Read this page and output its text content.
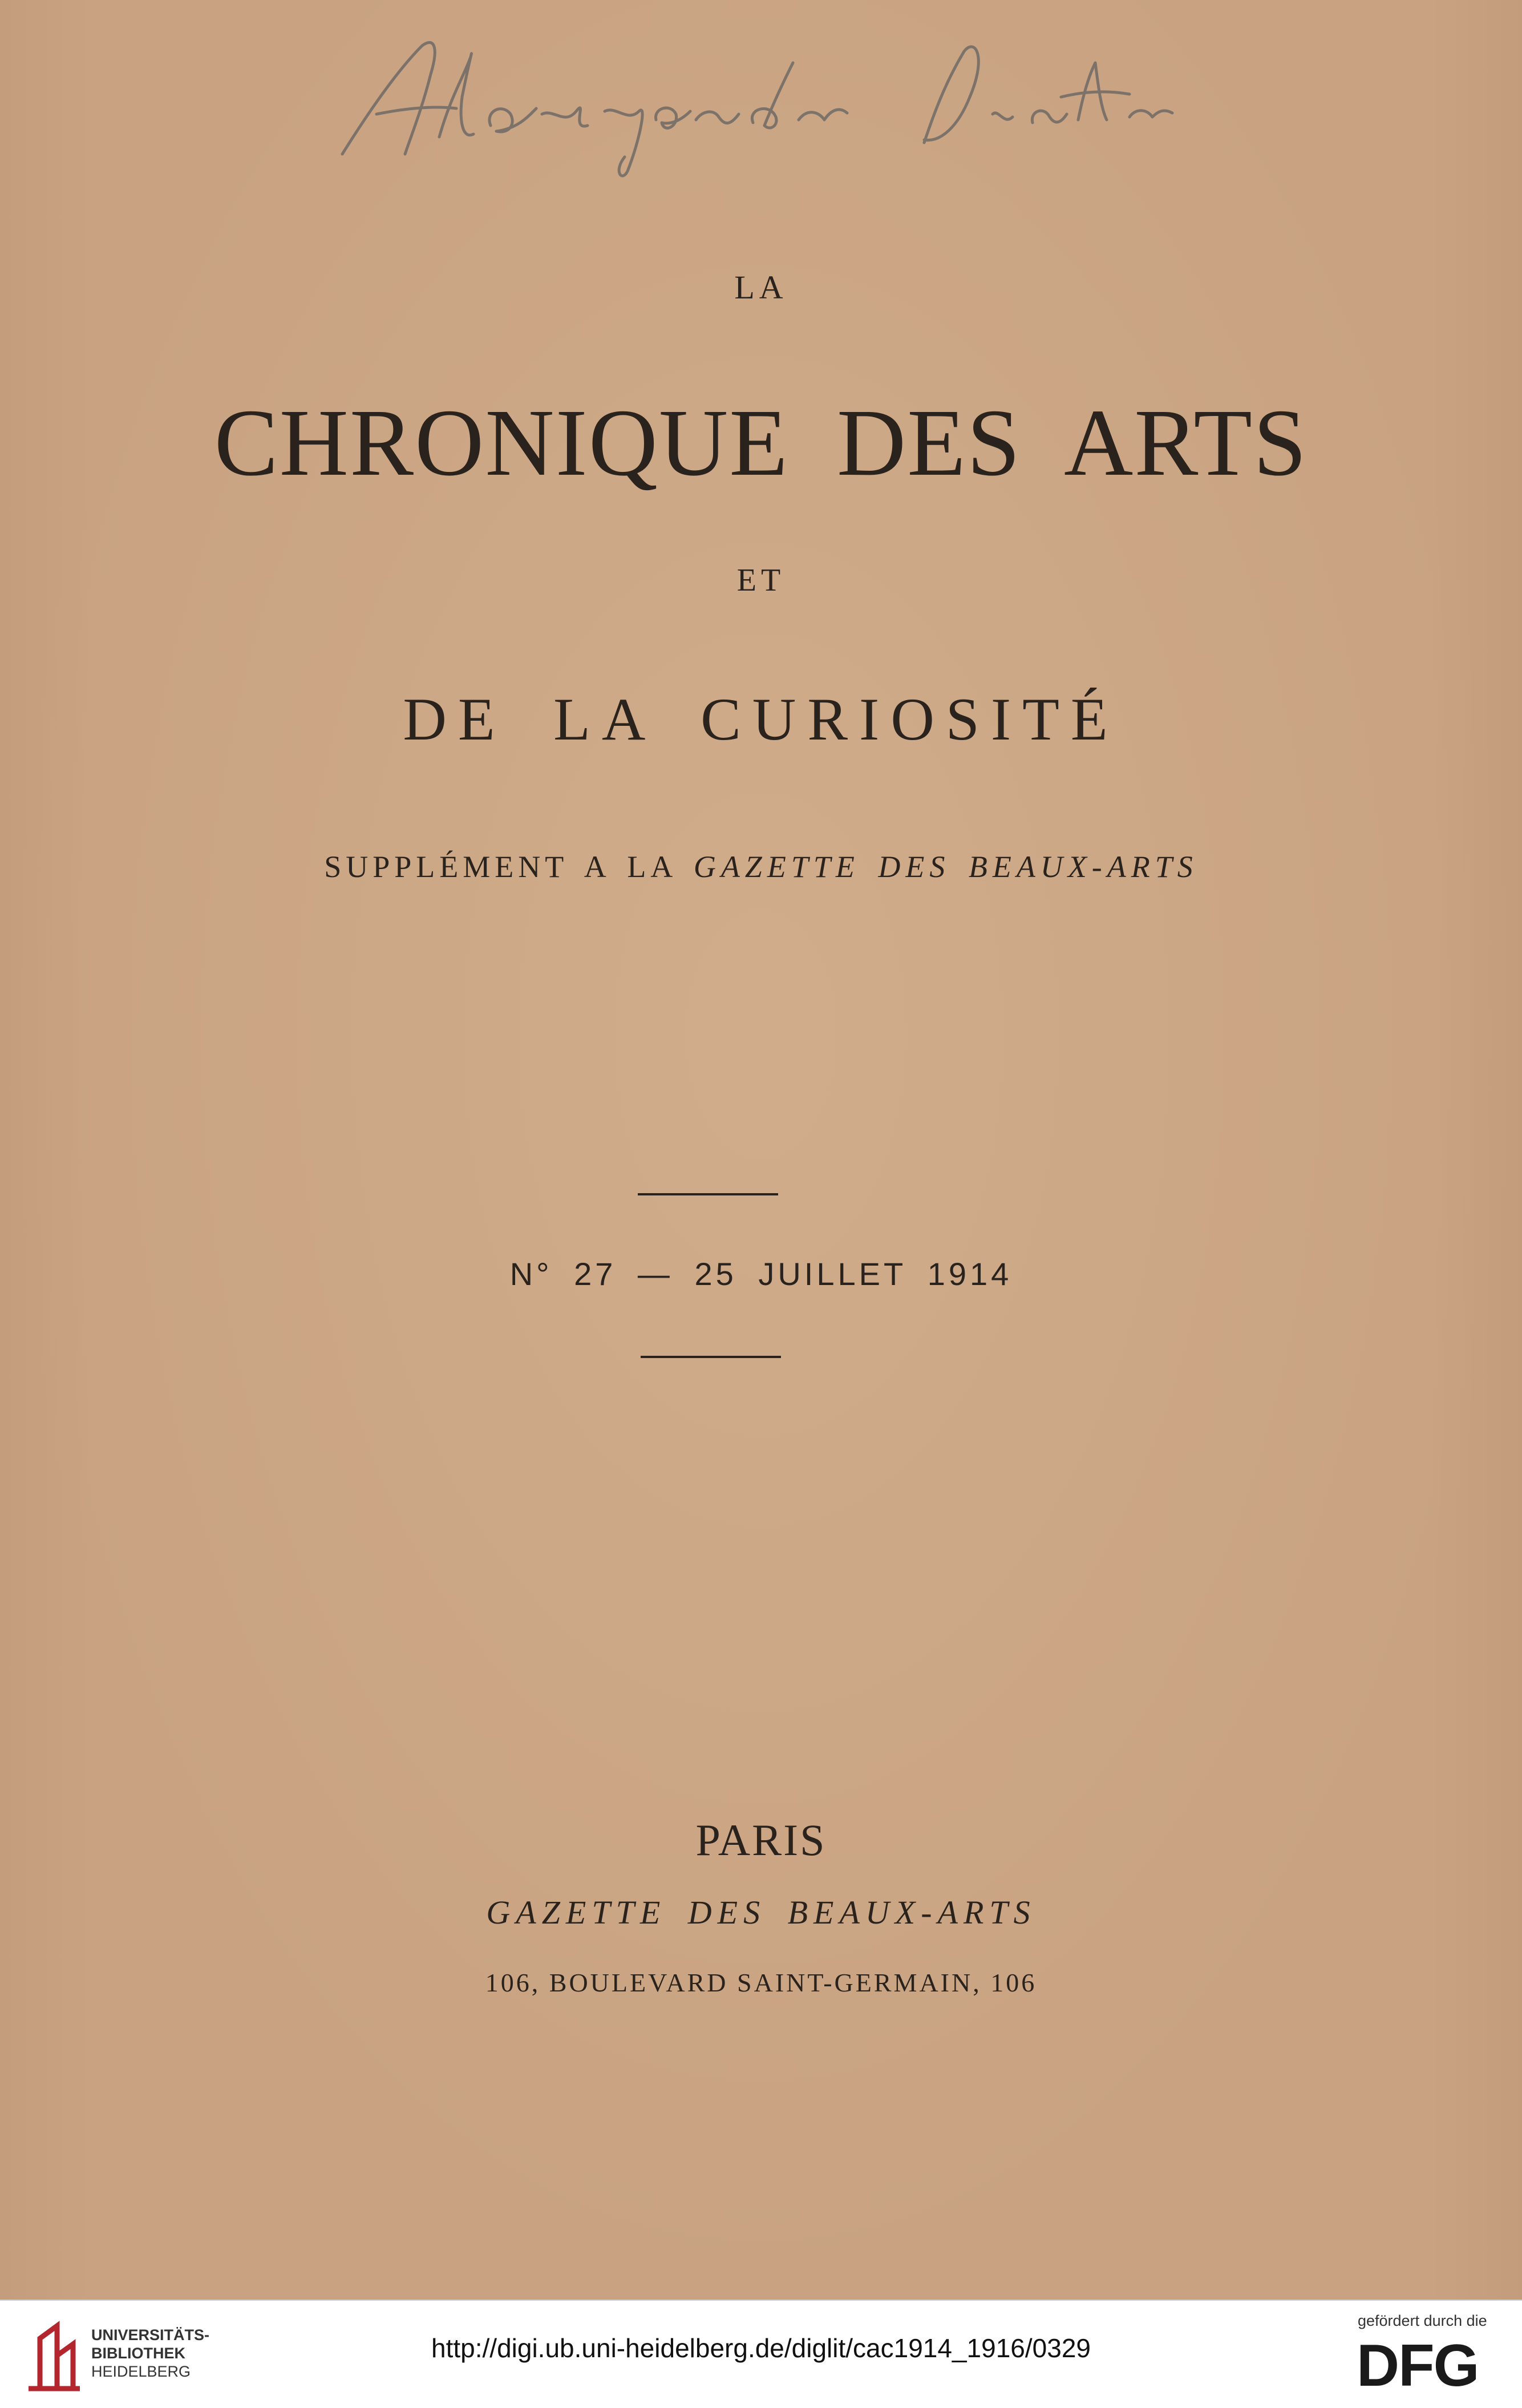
LA
CHRONIQUE DES ARTS
ET
DE LA CURIOSITÉ
SUPPLÉMENT A LA GAZETTE DES BEAUX-ARTS
N° 27 — 25 JUILLET 1914
PARIS
GAZETTE DES BEAUX-ARTS
106, BOULEVARD SAINT-GERMAIN, 106
UNIVERSITÄTS-
BIBLIOTHEK
HEIDELBERG
http://digi.ub.uni-heidelberg.de/diglit/cac1914_1916/0329
gefördert durch die
DFG
